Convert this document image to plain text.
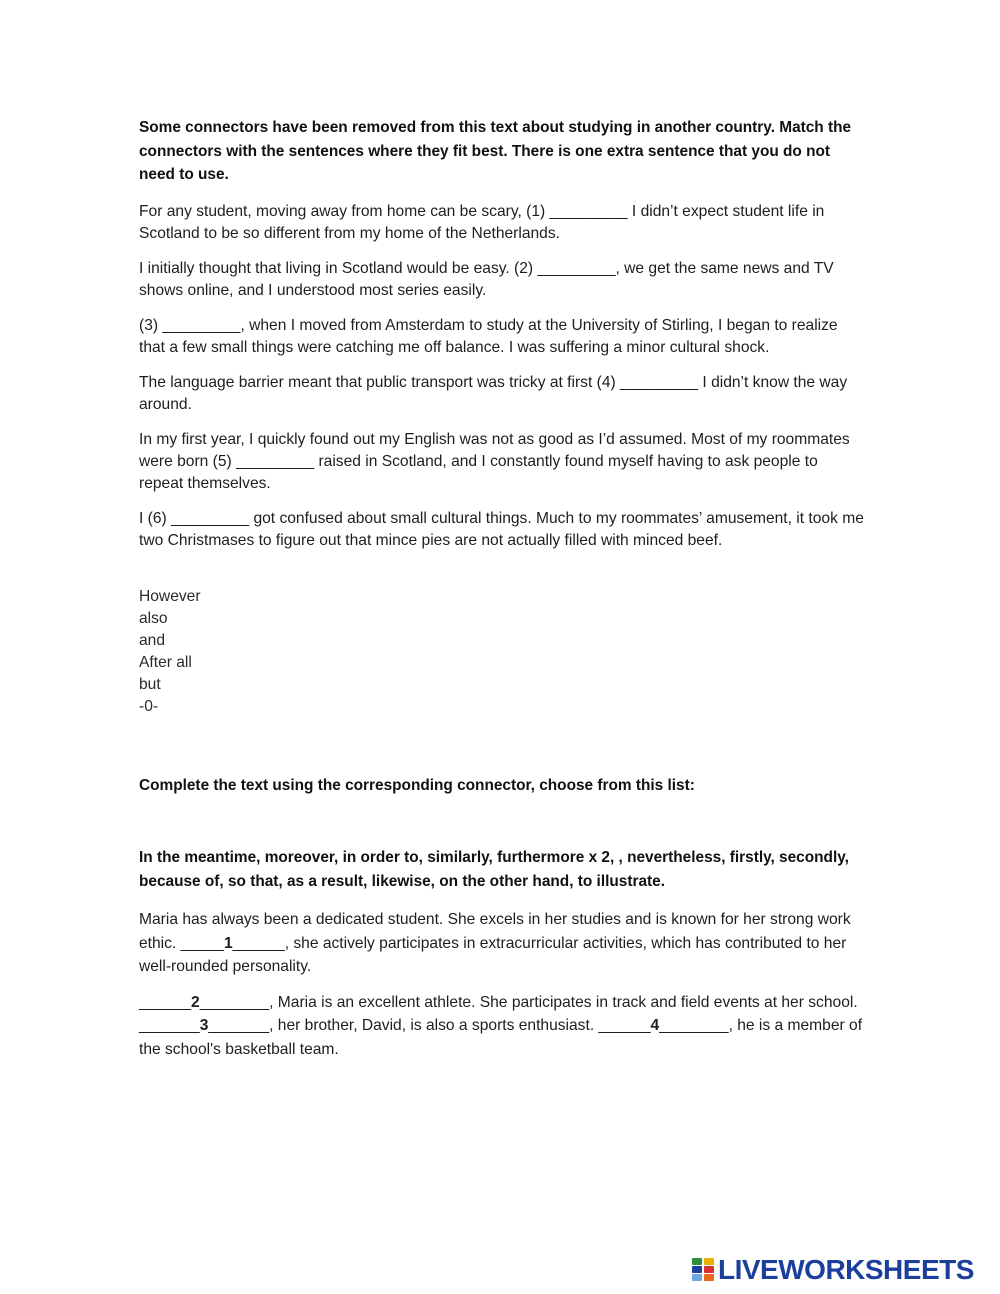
Some connectors have been removed from this text about studying in another country. Match the connectors with the sentences where they fit best. There is one extra sentence that you do not need to use.

For any student, moving away from home can be scary, (1) _________ I didn’t expect student life in Scotland to be so different from my home of the Netherlands.

I initially thought that living in Scotland would be easy. (2) _________, we get the same news and TV shows online, and I understood most series easily.

(3) _________, when I moved from Amsterdam to study at the University of Stirling, I began to realize that a few small things were catching me off balance. I was suffering a minor cultural shock.

The language barrier meant that public transport was tricky at first (4) _________ I didn’t know the way around.

In my first year, I quickly found out my English was not as good as I’d assumed. Most of my roommates were born (5) _________ raised in Scotland, and I constantly found myself having to ask people to repeat themselves.

I (6) _________ got confused about small cultural things. Much to my roommates’ amusement, it took me two Christmases to figure out that mince pies are not actually filled with minced beef.

However
also
and
After all
but
-0-

Complete the text using the corresponding connector, choose from this list:

In the meantime, moreover, in order to, similarly, furthermore x 2, , nevertheless, firstly, secondly, because of, so that, as a result, likewise, on the other hand, to illustrate.

Maria has always been a dedicated student. She excels in her studies and is known for her strong work ethic. _____1______, she actively participates in extracurricular activities, which has contributed to her well-rounded personality.

______2________, Maria is an excellent athlete. She participates in track and field events at her school. _______3_______, her brother, David, is also a sports enthusiast. ______4________, he is a member of the school's basketball team.

LIVEWORKSHEETS
